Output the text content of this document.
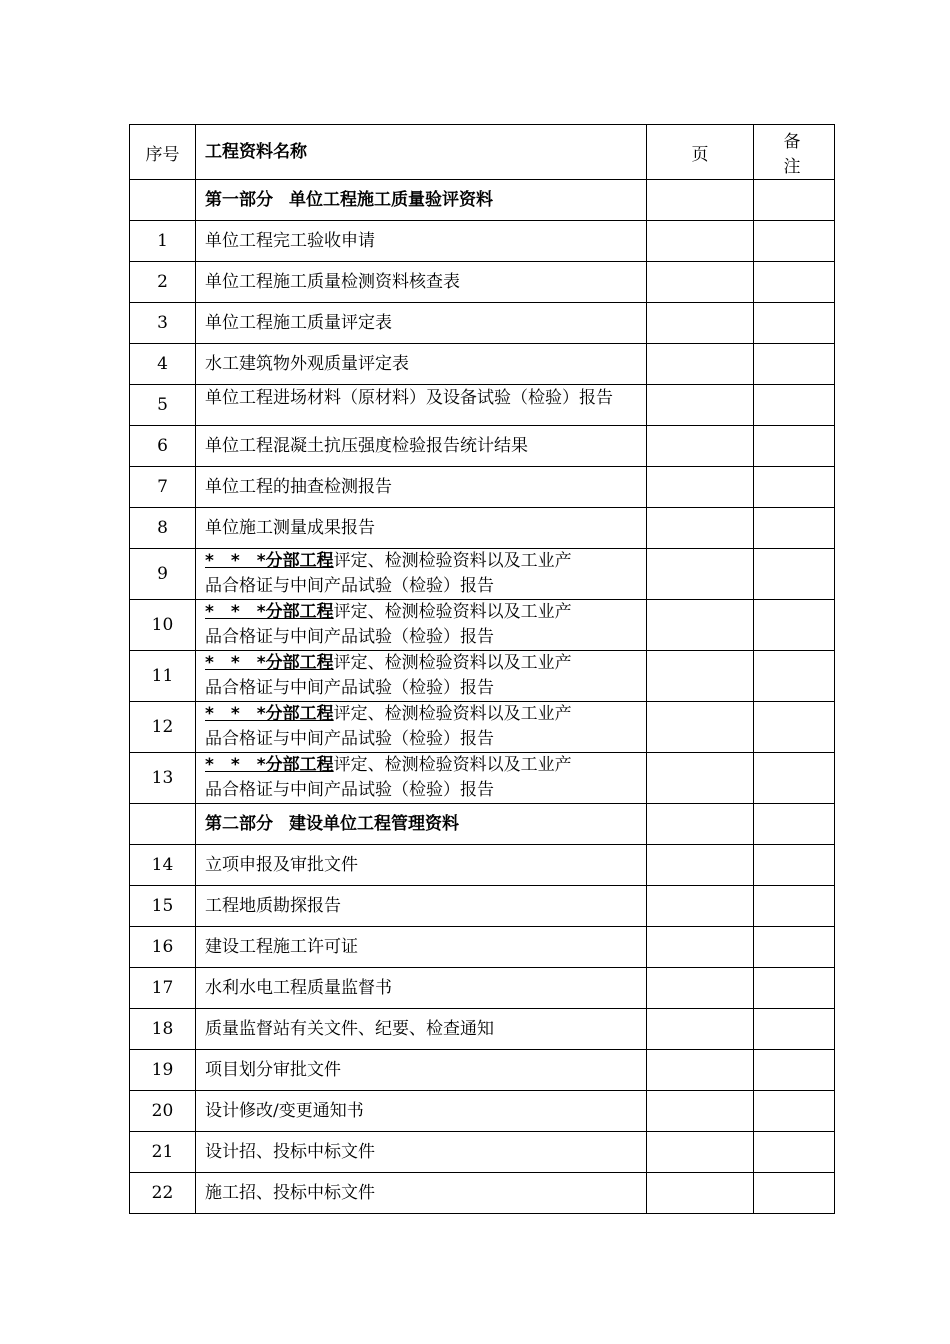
序号	工程资料名称	页	备注
	第一部分 单位工程施工质量验评资料		
1	单位工程完工验收申请		
2	单位工程施工质量检测资料核查表		
3	单位工程施工质量评定表		
4	水工建筑物外观质量评定表		
5	单位工程进场材料（原材料）及设备试验（检验）报告		

6	单位工程混凝土抗压强度检验报告统计结果		
7	单位工程的抽查检测报告		
8	单位施工测量成果报告		
9	* * *分部工程评定、检测检验资料以及工业产
品合格证与中间产品试验（检验）报告		
10	* * *分部工程评定、检测检验资料以及工业产
品合格证与中间产品试验（检验）报告		
11	* * *分部工程评定、检测检验资料以及工业产
品合格证与中间产品试验（检验）报告		
12	* * *分部工程评定、检测检验资料以及工业产
品合格证与中间产品试验（检验）报告		
13	* * *分部工程评定、检测检验资料以及工业产
品合格证与中间产品试验（检验）报告		
	第二部分 建设单位工程管理资料		
14	立项申报及审批文件		
15	工程地质勘探报告		
16	建设工程施工许可证		
17	水利水电工程质量监督书		
18	质量监督站有关文件、纪要、检查通知		
19	项目划分审批文件		
20	设计修改/变更通知书		
21	设计招、投标中标文件		
22	施工招、投标中标文件		
